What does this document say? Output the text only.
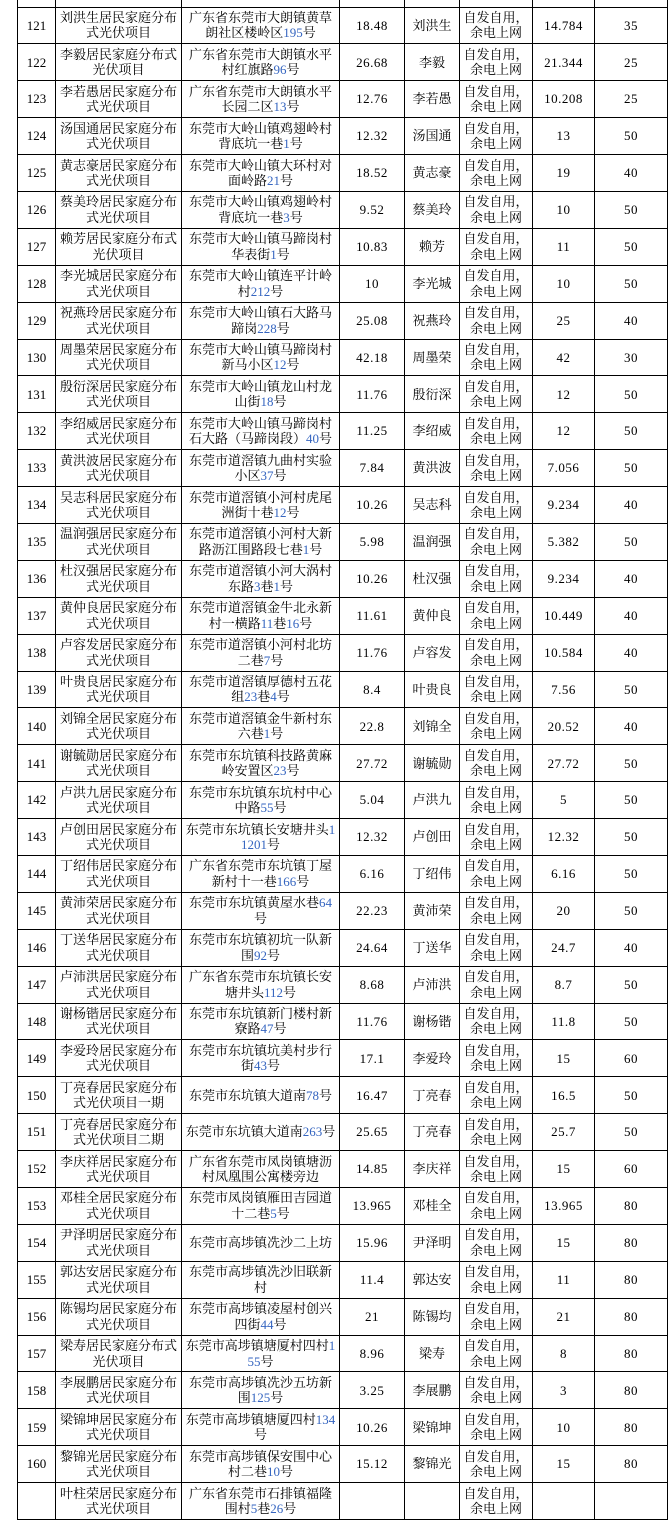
121	刘洪生居民家庭分布式光伏项目	广东省东莞市大朗镇黄草朗社区楼岭区195号	18.48	刘洪生	自发自用，
余电上网	14.784	35
122	李毅居民家庭分布式光伏项目	广东省东莞市大朗镇水平村红旗路96号	26.68	李毅	自发自用，
余电上网	21.344	25
123	李若愚居民家庭分布式光伏项目	广东省东莞市大朗镇水平长园二区13号	12.76	李若愚	自发自用，
余电上网	10.208	25
124	汤国通居民家庭分布式光伏项目	东莞市大岭山镇鸡翅岭村背底坑一巷1号	12.32	汤国通	自发自用，
余电上网	13	50
125	黄志豪居民家庭分布式光伏项目	东莞市大岭山镇大环村对面岭路21号	18.52	黄志豪	自发自用，
余电上网	19	40
126	蔡美玲居民家庭分布式光伏项目	东莞市大岭山镇鸡翅岭村背底坑一巷3号	9.52	蔡美玲	自发自用，
余电上网	10	50
127	赖芳居民家庭分布式光伏项目	东莞市大岭山镇马蹄岗村华表街1号	10.83	赖芳	自发自用，
余电上网	11	50
128	李光城居民家庭分布式光伏项目	东莞市大岭山镇连平计岭村212号	10	李光城	自发自用，
余电上网	10	50
129	祝燕玲居民家庭分布式光伏项目	东莞市大岭山镇石大路马蹄岗228号	25.08	祝燕玲	自发自用，
余电上网	25	40
130	周墨荣居民家庭分布式光伏项目	东莞市大岭山镇马蹄岗村新马小区12号	42.18	周墨荣	自发自用，
余电上网	42	30
131	殷衍深居民家庭分布式光伏项目	东莞市大岭山镇龙山村龙山街18号	11.76	殷衍深	自发自用，
余电上网	12	50
132	李绍威居民家庭分布式光伏项目	东莞市大岭山镇马蹄岗村石大路（马蹄岗段）40号	11.25	李绍威	自发自用，
余电上网	12	50
133	黄洪波居民家庭分布式光伏项目	东莞市道滘镇九曲村实验小区37号	7.84	黄洪波	自发自用，
余电上网	7.056	50
134	吴志科居民家庭分布式光伏项目	东莞市道滘镇小河村虎尾洲街十巷12号	10.26	吴志科	自发自用，
余电上网	9.234	40
135	温润强居民家庭分布式光伏项目	东莞市道滘镇小河村大新路沥江围路段七巷1号	5.98	温润强	自发自用，
余电上网	5.382	50
136	杜汉强居民家庭分布式光伏项目	东莞市道滘镇小河大涡村东路3巷1号	10.26	杜汉强	自发自用，
余电上网	9.234	40
137	黄仲良居民家庭分布式光伏项目	东莞市道滘镇金牛北永新村一横路11巷16号	11.61	黄仲良	自发自用，
余电上网	10.449	40
138	卢容发居民家庭分布式光伏项目	东莞市道滘镇小河村北坊二巷7号	11.76	卢容发	自发自用，
余电上网	10.584	40
139	叶贵良居民家庭分布式光伏项目	东莞市道滘镇厚德村五花组23巷4号	8.4	叶贵良	自发自用，
余电上网	7.56	50
140	刘锦全居民家庭分布式光伏项目	东莞市道滘镇金牛新村东六巷1号	22.8	刘锦全	自发自用，
余电上网	20.52	40
141	谢毓勋居民家庭分布式光伏项目	东莞市东坑镇科技路黄麻岭安置区23号	27.72	谢毓勋	自发自用，
余电上网	27.72	50
142	卢洪九居民家庭分布式光伏项目	东莞市东坑镇东坑村中心中路55号	5.04	卢洪九	自发自用，
余电上网	5	50
143	卢创田居民家庭分布式光伏项目	东莞市东坑镇长安塘井头11201号	12.32	卢创田	自发自用，
余电上网	12.32	50
144	丁绍伟居民家庭分布式光伏项目	广东省东莞市东坑镇丁屋新村十一巷166号	6.16	丁绍伟	自发自用，
余电上网	6.16	50
145	黄沛荣居民家庭分布式光伏项目	东莞市东坑镇黄屋水巷64号	22.23	黄沛荣	自发自用，
余电上网	20	50
146	丁送华居民家庭分布式光伏项目	东莞市东坑镇初坑一队新围92号	24.64	丁送华	自发自用，
余电上网	24.7	40
147	卢沛洪居民家庭分布式光伏项目	广东省东莞市东坑镇长安塘井头112号	8.68	卢沛洪	自发自用，
余电上网	8.7	50
148	谢杨锴居民家庭分布式光伏项目	东莞市东坑镇新门楼村新寮路47号	11.76	谢杨锴	自发自用，
余电上网	11.8	50
149	李爱玲居民家庭分布式光伏项目	东莞市东坑镇坑美村步行街43号	17.1	李爱玲	自发自用，
余电上网	15	60
150	丁亮春居民家庭分布式光伏项目一期	东莞市东坑镇大道南78号	16.47	丁亮春	自发自用，
余电上网	16.5	50
151	丁亮春居民家庭分布式光伏项目二期	东莞市东坑镇大道南263号	25.65	丁亮春	自发自用，
余电上网	25.7	50
152	李庆祥居民家庭分布式光伏项目	广东省东莞市凤岗镇塘沥村凤凰围公寓楼旁边	14.85	李庆祥	自发自用，
余电上网	15	60
153	邓桂全居民家庭分布式光伏项目	东莞市凤岗镇雁田吉园道十二巷5号	13.965	邓桂全	自发自用，
余电上网	13.965	80
154	尹泽明居民家庭分布式光伏项目	东莞市高埗镇冼沙二上坊	15.96	尹泽明	自发自用，
余电上网	15	80
155	郭达安居民家庭分布式光伏项目	东莞市高埗镇冼沙旧联新村	11.4	郭达安	自发自用，
余电上网	11	80
156	陈锡均居民家庭分布式光伏项目	东莞市高埗镇凌屋村创兴四街44号	21	陈锡均	自发自用，
余电上网	21	80
157	梁寿居民家庭分布式光伏项目	东莞市高埗镇塘厦村四村155号	8.96	梁寿	自发自用，
余电上网	8	80
158	李展鹏居民家庭分布式光伏项目	东莞市高埗镇冼沙五坊新围125号	3.25	李展鹏	自发自用，
余电上网	3	80
159	梁锦坤居民家庭分布式光伏项目	东莞市高埗镇塘厦四村134号	10.26	梁锦坤	自发自用，
余电上网	10	80
160	黎锦光居民家庭分布式光伏项目	东莞市高埗镇保安围中心村二巷10号	15.12	黎锦光	自发自用，
余电上网	15	80
	叶柱荣居民家庭分布式光伏项目	广东省东莞市石排镇福隆围村5巷26号			自发自用，
余电上网		
